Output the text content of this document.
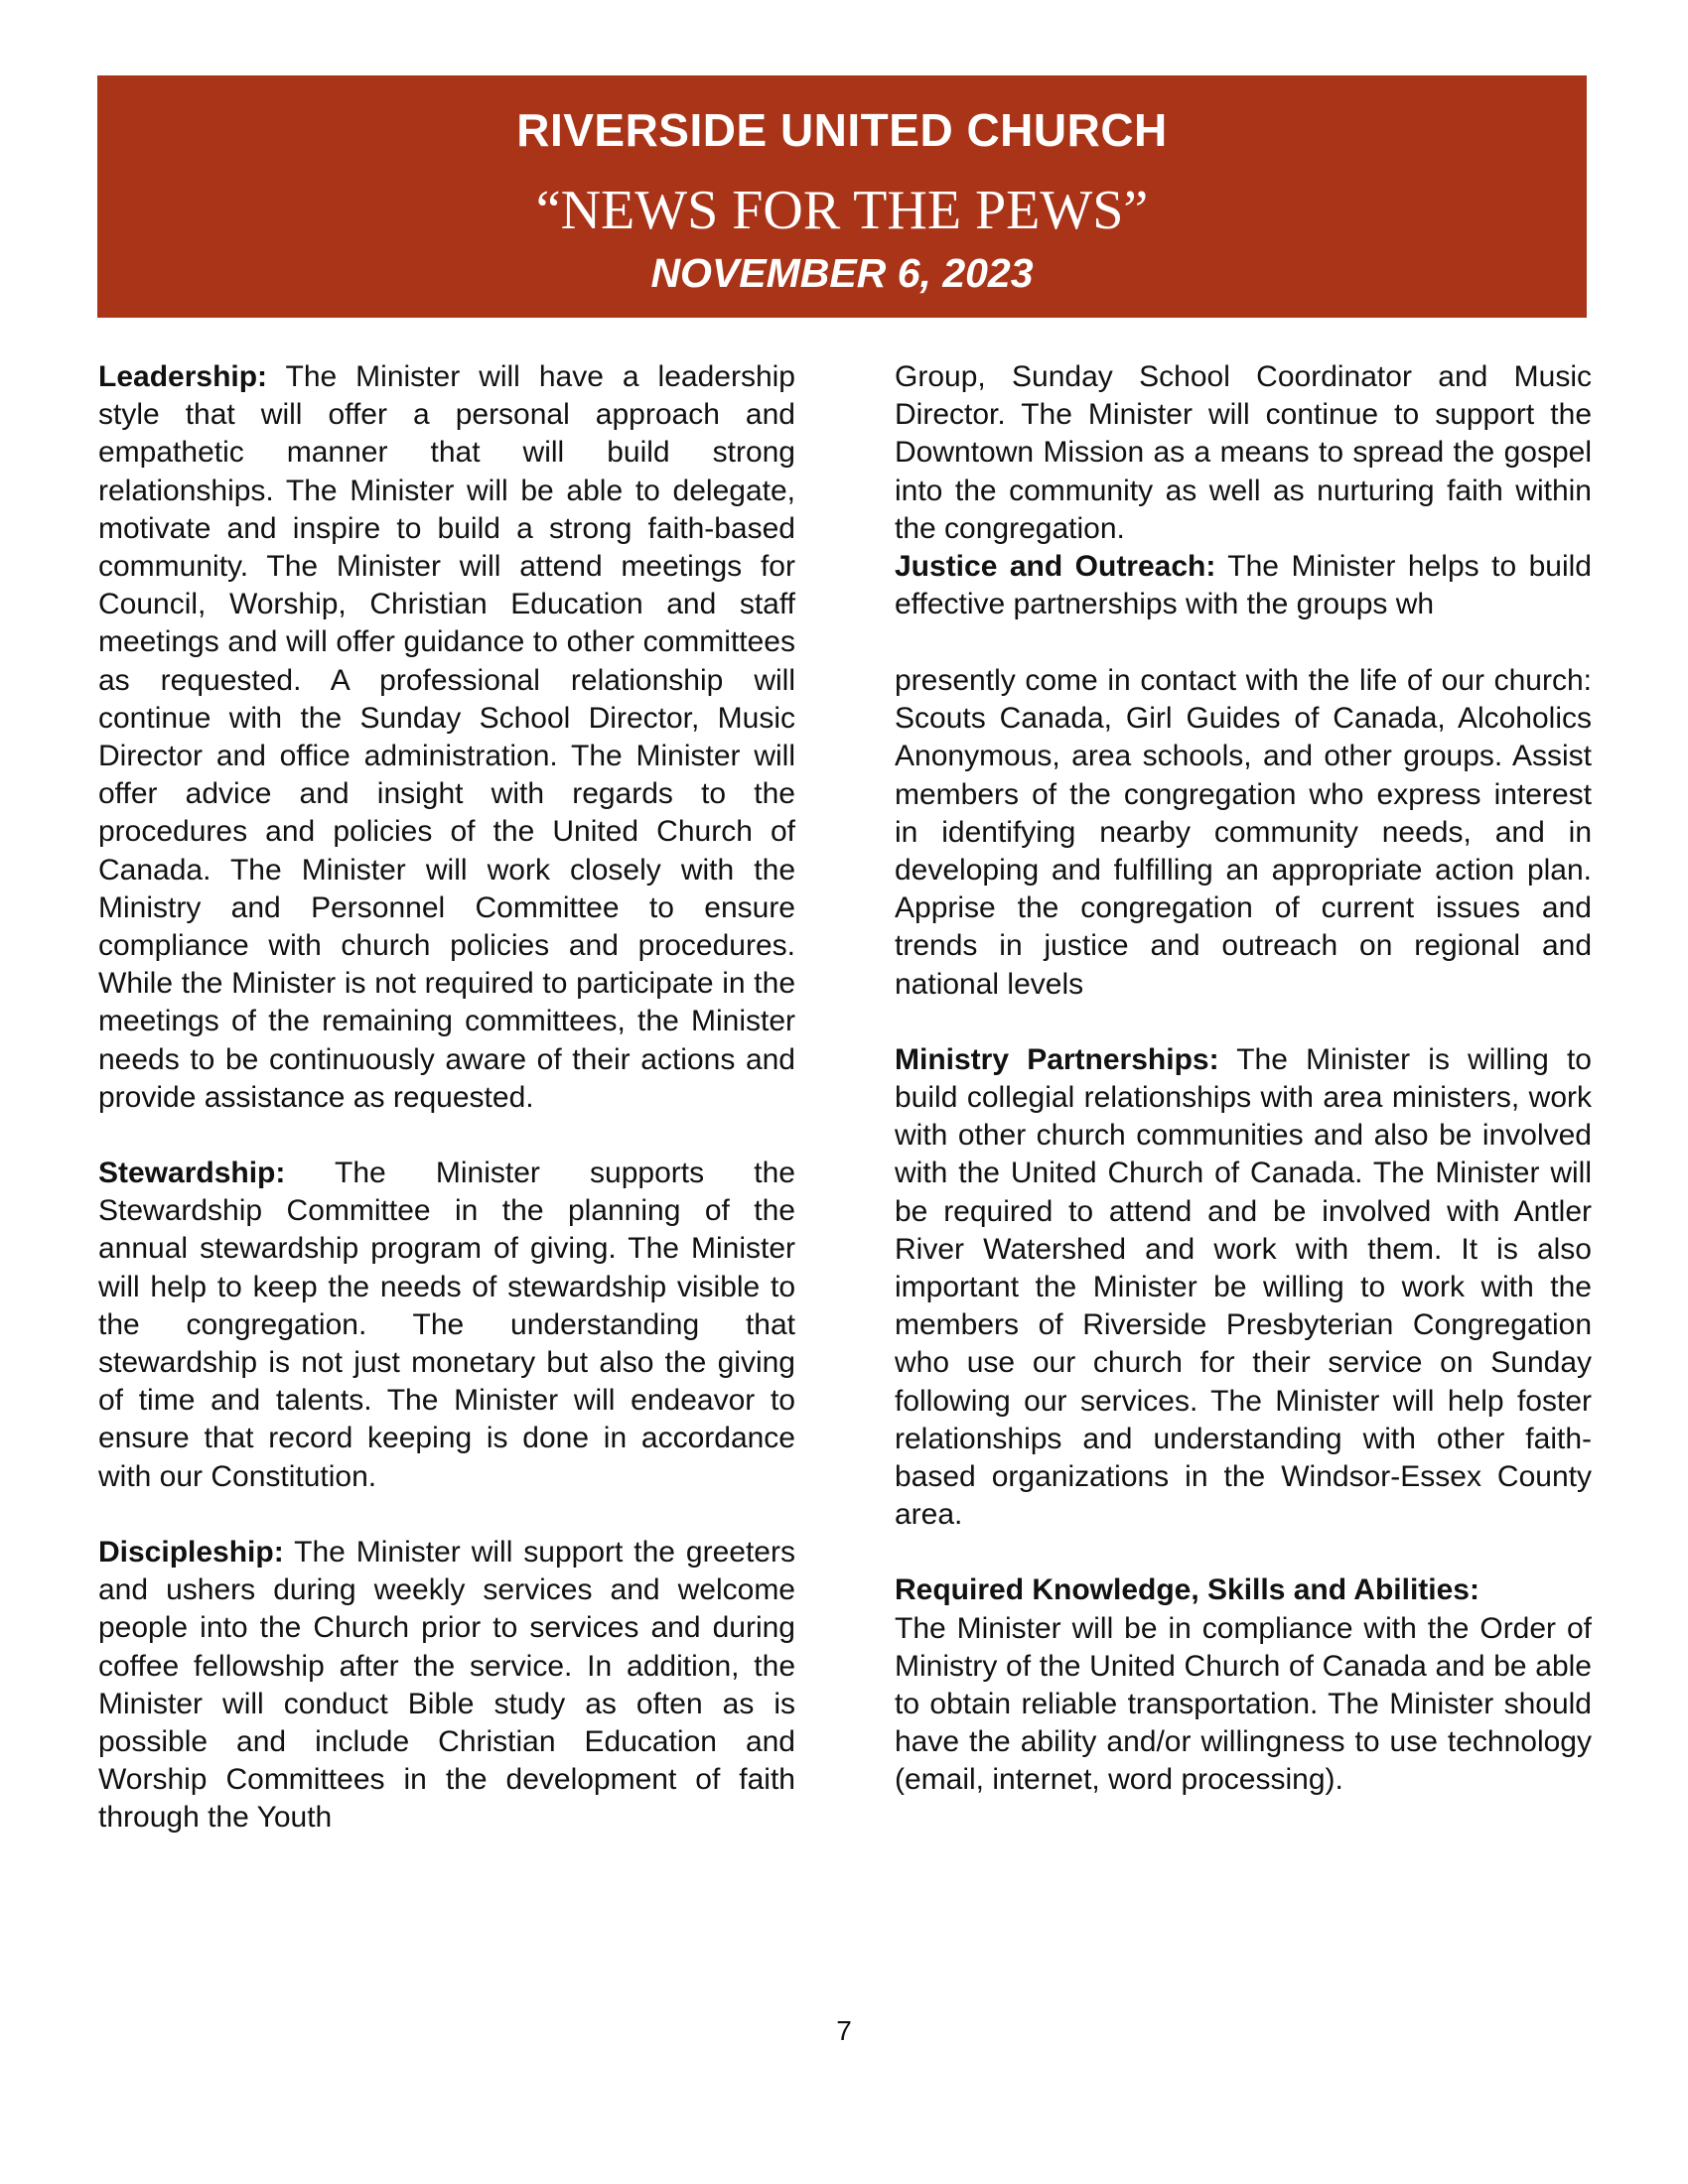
RIVERSIDE UNITED CHURCH
“NEWS FOR THE PEWS”
NOVEMBER 6, 2023

Leadership: The Minister will have a leadership style that will offer a personal approach and empathetic manner that will build strong relationships. The Minister will be able to delegate, motivate and inspire to build a strong faith-based community. The Minister will attend meetings for Council, Worship, Christian Education and staff meetings and will offer guidance to other committees as requested. A professional relationship will continue with the Sunday School Director, Music Director and office administration. The Minister will offer advice and insight with regards to the procedures and policies of the United Church of Canada. The Minister will work closely with the Ministry and Personnel Committee to ensure compliance with church policies and procedures. While the Minister is not required to participate in the meetings of the remaining committees, the Minister needs to be continuously aware of their actions and provide assistance as requested.

Stewardship: The Minister supports the Stewardship Committee in the planning of the annual stewardship program of giving. The Minister will help to keep the needs of stewardship visible to the congregation. The understanding that stewardship is not just monetary but also the giving of time and talents. The Minister will endeavor to ensure that record keeping is done in accordance with our Constitution.

Discipleship: The Minister will support the greeters and ushers during weekly services and welcome people into the Church prior to services and during coffee fellowship after the service. In addition, the Minister will conduct Bible study as often as is possible and include Christian Education and Worship Committees in the development of faith through the Youth

Group, Sunday School Coordinator and Music Director. The Minister will continue to support the Downtown Mission as a means to spread the gospel into the community as well as nurturing faith within the congregation.

Justice and Outreach: The Minister helps to build effective partnerships with the groups wh

presently come in contact with the life of our church: Scouts Canada, Girl Guides of Canada, Alcoholics Anonymous, area schools, and other groups. Assist members of the congregation who express interest in identifying nearby community needs, and in developing and fulfilling an appropriate action plan. Apprise the congregation of current issues and trends in justice and outreach on regional and national levels

Ministry Partnerships: The Minister is willing to build collegial relationships with area ministers, work with other church communities and also be involved with the United Church of Canada. The Minister will be required to attend and be involved with Antler River Watershed and work with them. It is also important the Minister be willing to work with the members of Riverside Presbyterian Congregation who use our church for their service on Sunday following our services. The Minister will help foster relationships and understanding with other faith-based organizations in the Windsor-Essex County area.

Required Knowledge, Skills and Abilities:
The Minister will be in compliance with the Order of Ministry of the United Church of Canada and be able to obtain reliable transportation. The Minister should have the ability and/or willingness to use technology (email, internet, word processing).

7
